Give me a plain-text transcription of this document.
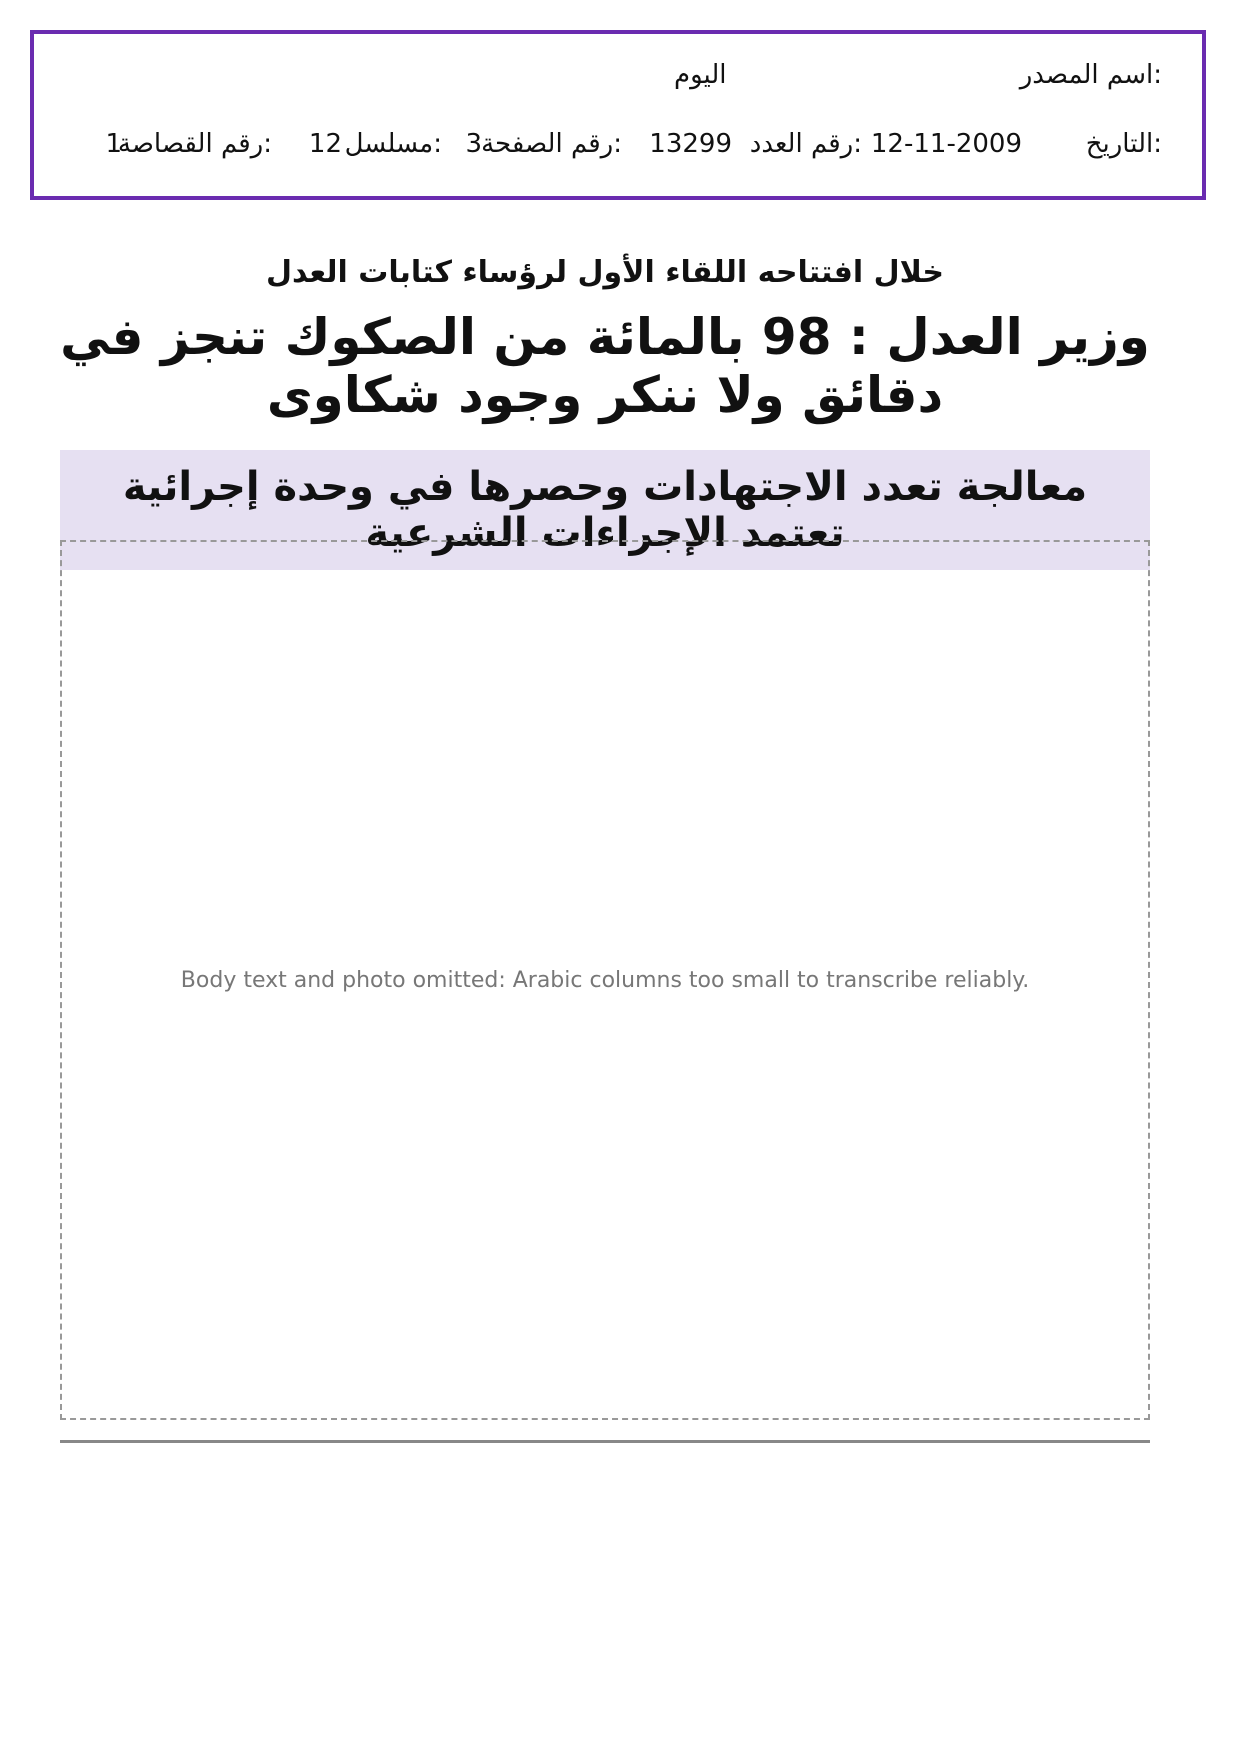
اسم المصدر:
اليوم
التاريخ:
12-11-2009
رقم العدد:
13299
رقم الصفحة:
3
مسلسل:
12
رقم القصاصة:
1
خلال افتتاحه اللقاء الأول لرؤساء كتابات العدل
وزير العدل : 98 بالمائة من الصكوك تنجز في دقائق ولا ننكر وجود شكاوى
معالجة تعدد الاجتهادات وحصرها في وحدة إجرائية تعتمد الإجراءات الشرعية
Body text and photo omitted: Arabic columns too small to transcribe reliably.
